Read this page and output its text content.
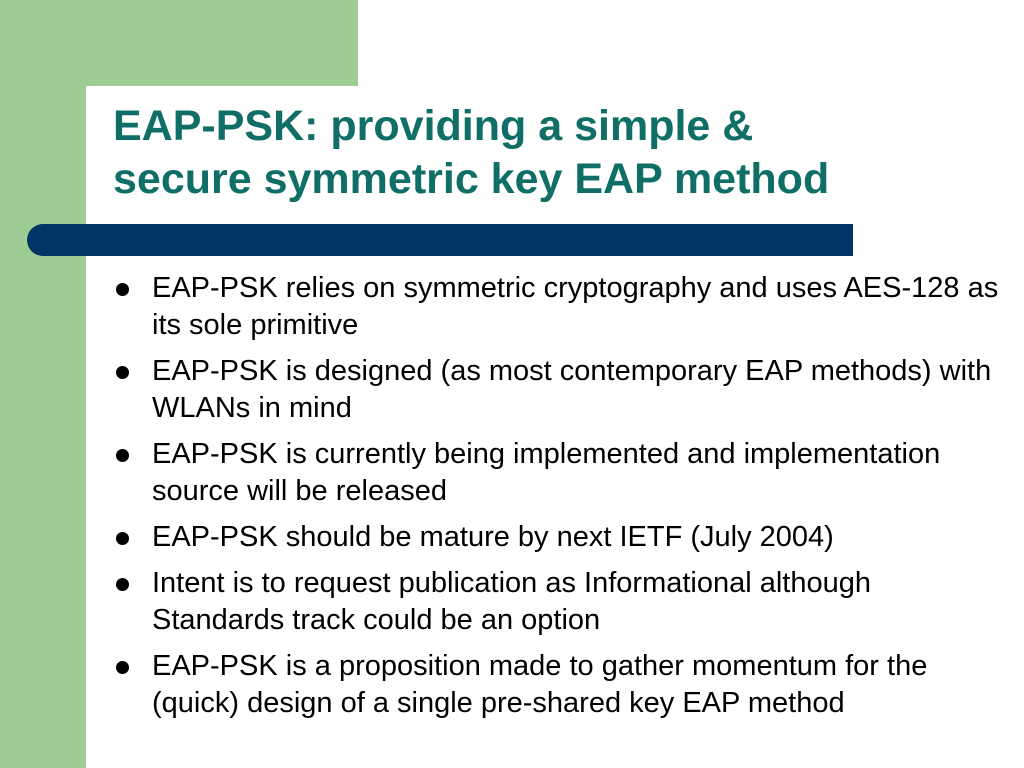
EAP-PSK: providing a simple &
secure symmetric key EAP method
EAP-PSK relies on symmetric cryptography and uses AES-128 as its sole primitive
EAP-PSK is designed (as most contemporary EAP methods) with WLANs in mind
EAP-PSK is currently being implemented and implementation source will be released
EAP-PSK should be mature by next IETF (July 2004)
Intent is to request publication as Informational although Standards track could be an option
EAP-PSK is a proposition made to gather momentum for the (quick) design of a single pre-shared key EAP method
